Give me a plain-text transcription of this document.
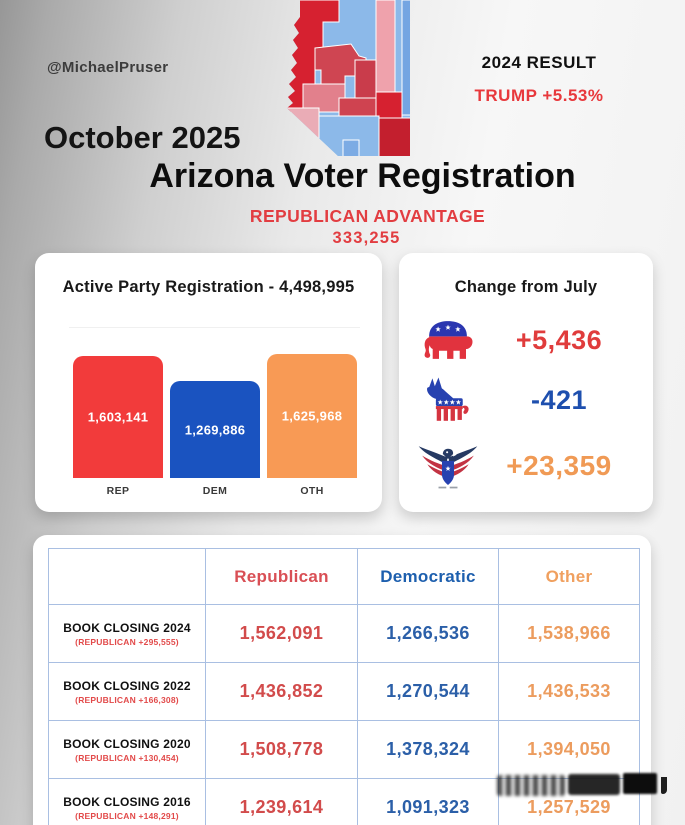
@MichaelPruser	2024 RESULT
TRUMP +5.53%
October 2025
Arizona Voter Registration
REPUBLICAN ADVANTAGE
333,255
Active Party Registration - 4,498,995
1,603,141
1,269,886
1,625,968
REP	DEM	OTH
Change from July
+5,436
-421
+23,359
	Republican	Democratic	Other

BOOK CLOSING 2024
(REPUBLICAN +295,555)	1,562,091	1,266,536	1,538,966

BOOK CLOSING 2022
(REPUBLICAN +166,308)	1,436,852	1,270,544	1,436,533

BOOK CLOSING 2020
(REPUBLICAN +130,454)	1,508,778	1,378,324	1,394,050

BOOK CLOSING 2016
(REPUBLICAN +148,291)	1,239,614	1,091,323	1,257,529
